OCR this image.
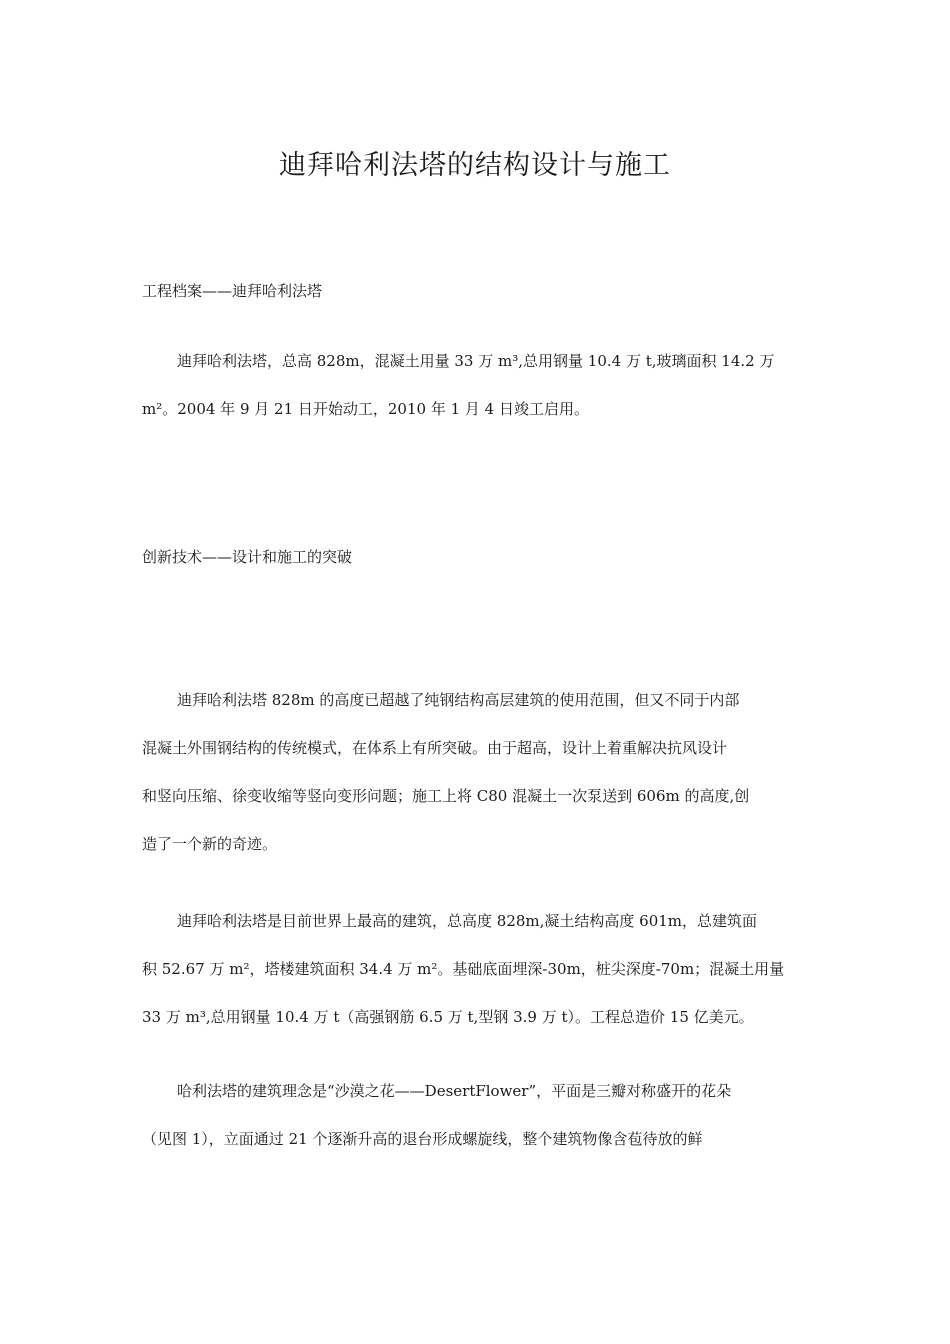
迪拜哈利法塔的结构设计与施工
工程档案——迪拜哈利法塔
迪拜哈利法塔，总高 828m，混凝土用量 33 万 m³,总用钢量 10.4 万 t,玻璃面积 14.2 万
m²。2004 年 9 月 21 日开始动工，2010 年 1 月 4 日竣工启用。
创新技术——设计和施工的突破
迪拜哈利法塔 828m 的高度已超越了纯钢结构高层建筑的使用范围，但又不同于内部
混凝土外围钢结构的传统模式，在体系上有所突破。由于超高，设计上着重解决抗风设计
和竖向压缩、徐变收缩等竖向变形问题；施工上将 C80 混凝土一次泵送到 606m 的高度,创
造了一个新的奇迹。
迪拜哈利法塔是目前世界上最高的建筑，总高度 828m,凝土结构高度 601m，总建筑面
积 52.67 万 m²，塔楼建筑面积 34.4 万 m²。基础底面埋深-30m，桩尖深度-70m；混凝土用量
33 万 m³,总用钢量 10.4 万 t（高强钢筋 6.5 万 t,型钢 3.9 万 t）。工程总造价 15 亿美元。
哈利法塔的建筑理念是“沙漠之花——DesertFlower”，平面是三瓣对称盛开的花朵
（见图 1），立面通过 21 个逐渐升高的退台形成螺旋线，整个建筑物像含苞待放的鲜
